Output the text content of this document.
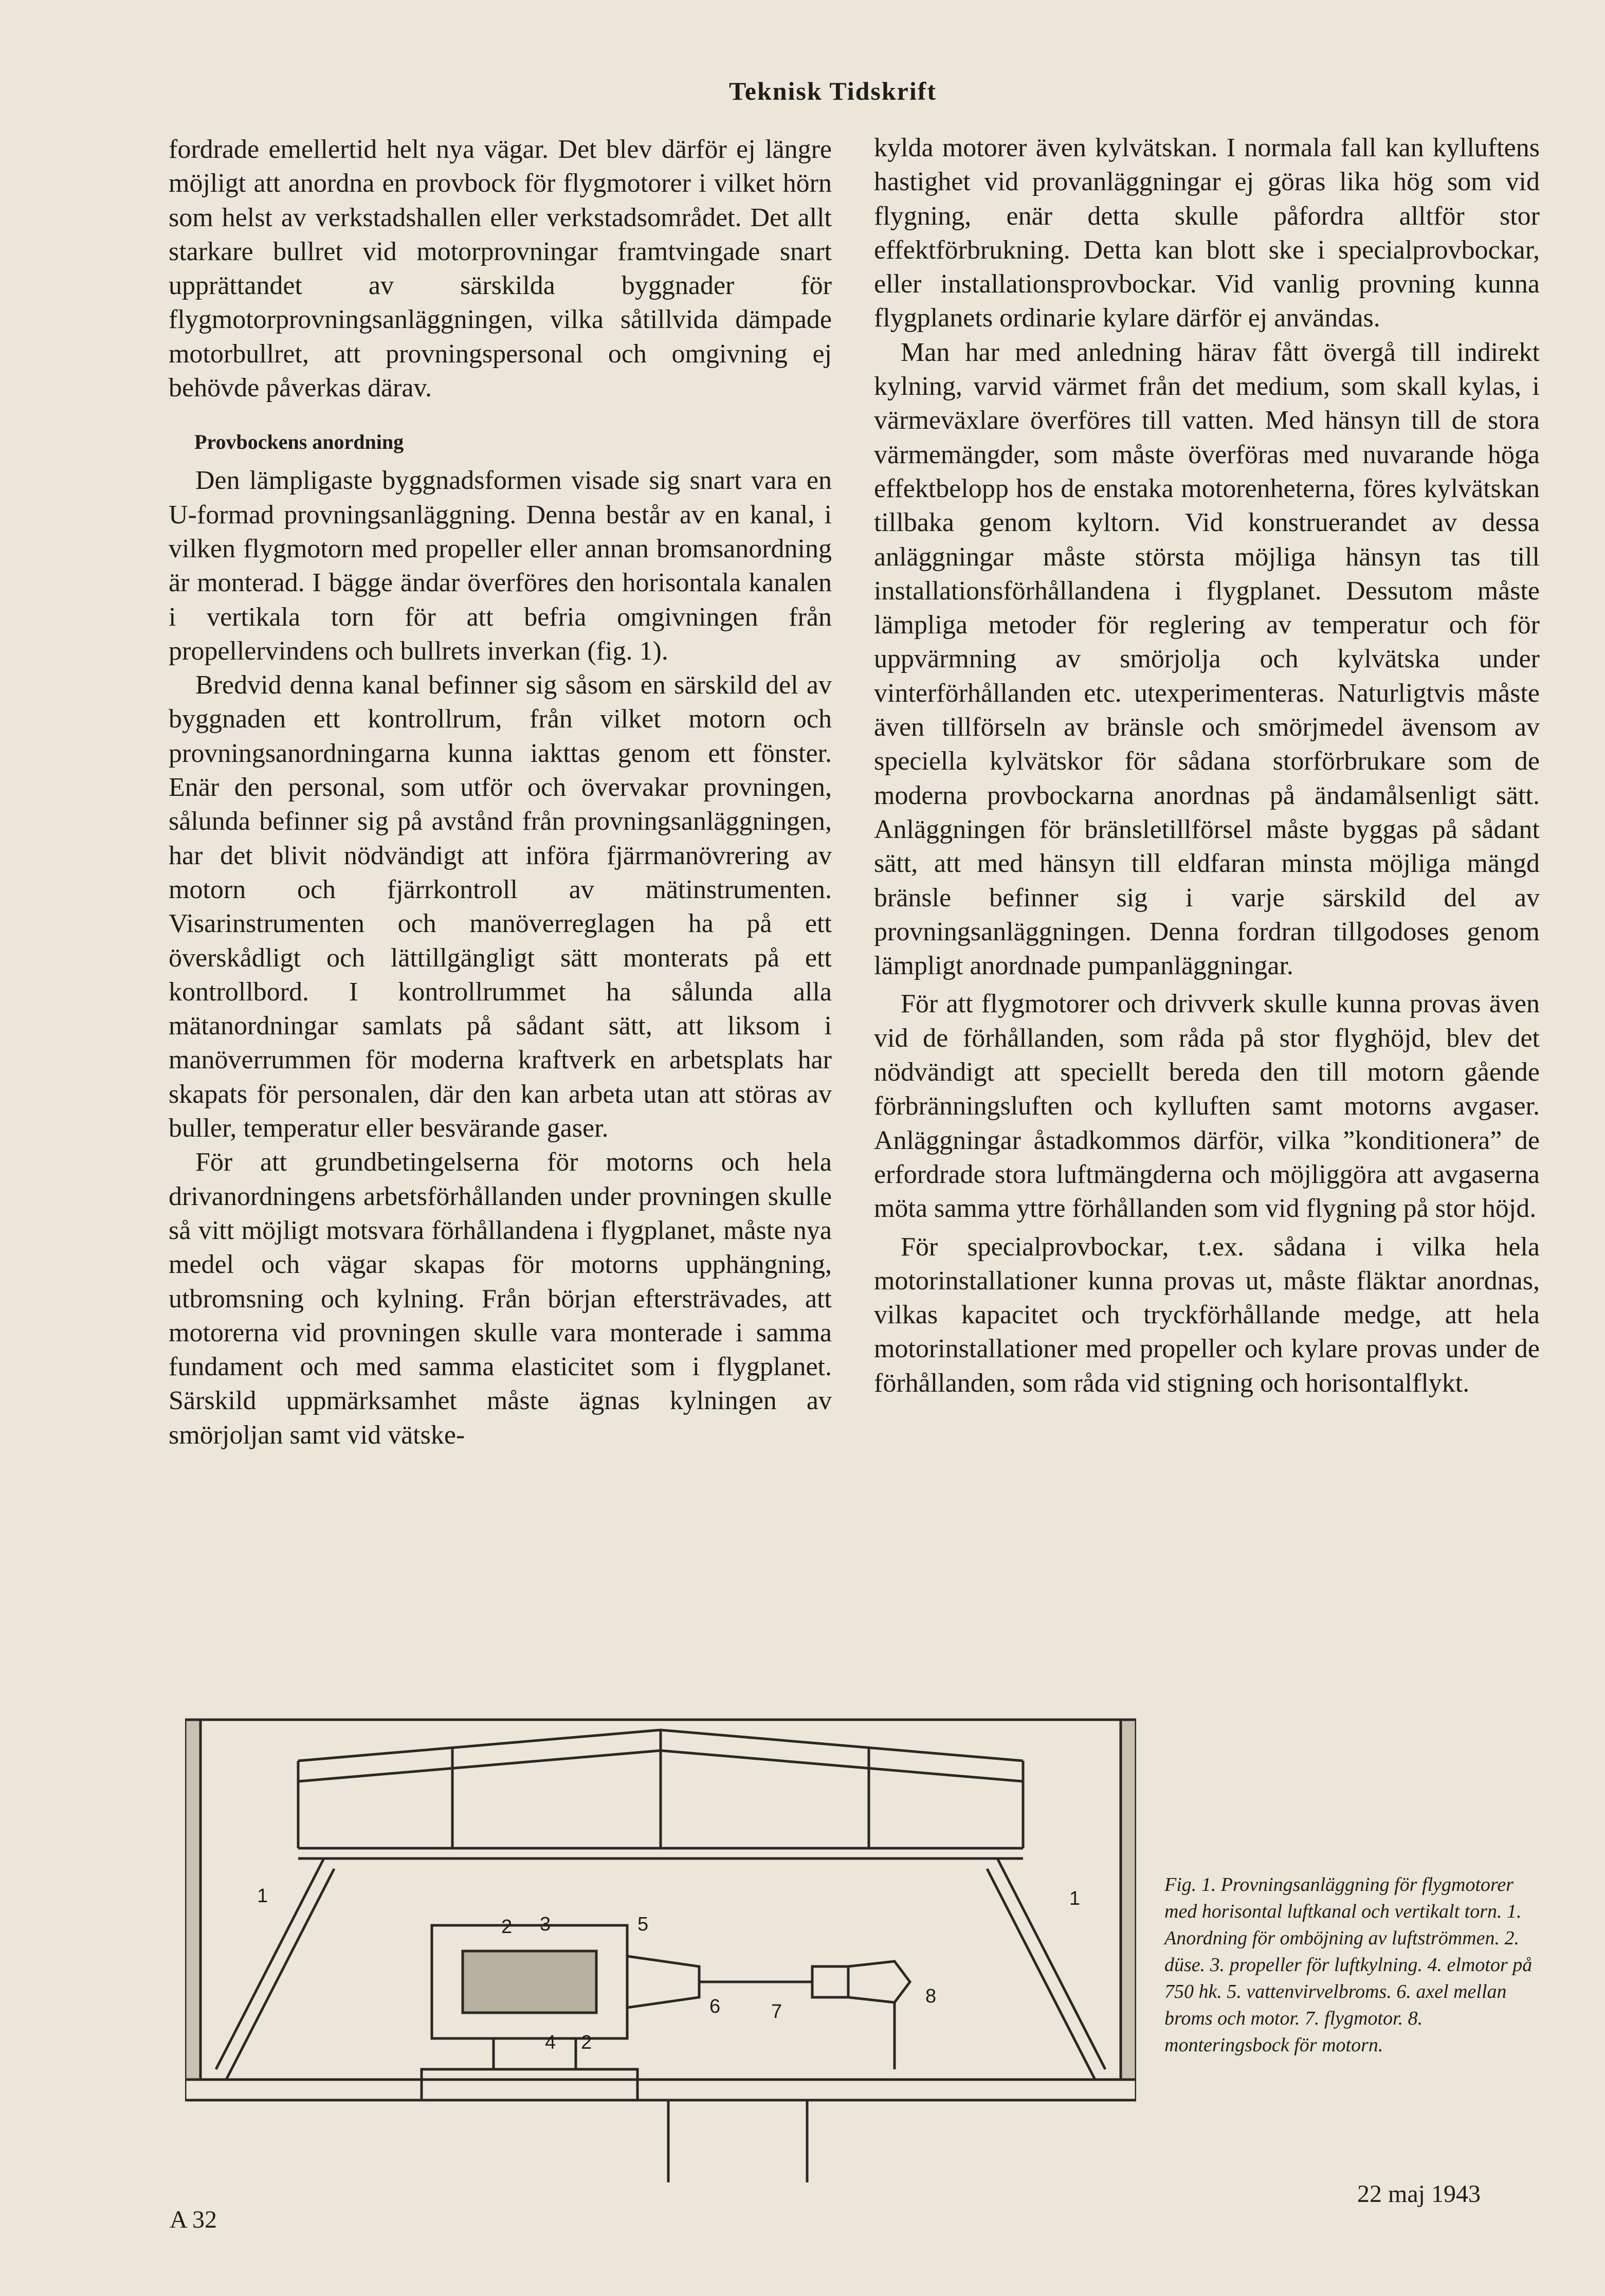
Teknisk Tidskrift

fordrade emellertid helt nya vägar. Det blev därför ej längre möjligt att anordna en provbock för flygmotorer i vilket hörn som helst av verkstadshallen eller verkstadsområdet. Det allt starkare bullret vid motorprovningar framtvingade snart upprättandet av särskilda byggnader för flygmotorprovningsanläggningen, vilka såtillvida dämpade motorbullret, att provningspersonal och omgivning ej behövde påverkas därav.

Provbockens anordning

Den lämpligaste byggnadsformen visade sig snart vara en U-formad provningsanläggning. Denna består av en kanal, i vilken flygmotorn med propeller eller annan bromsanordning är monterad. I bägge ändar överföres den horisontala kanalen i vertikala torn för att befria omgivningen från propellervindens och bullrets inverkan (fig. 1).

Bredvid denna kanal befinner sig såsom en särskild del av byggnaden ett kontrollrum, från vilket motorn och provningsanordningarna kunna iakttas genom ett fönster. Enär den personal, som utför och övervakar provningen, sålunda befinner sig på avstånd från provningsanläggningen, har det blivit nödvändigt att införa fjärrmanövrering av motorn och fjärrkontroll av mätinstrumenten. Visarinstrumenten och manöverreglagen ha på ett överskådligt och lättillgängligt sätt monterats på ett kontrollbord. I kontrollrummet ha sålunda alla mätanordningar samlats på sådant sätt, att liksom i manöverrummen för moderna kraftverk en arbetsplats har skapats för personalen, där den kan arbeta utan att störas av buller, temperatur eller besvärande gaser.

För att grundbetingelserna för motorns och hela drivanordningens arbetsförhållanden under provningen skulle så vitt möjligt motsvara förhållandena i flygplanet, måste nya medel och vägar skapas för motorns upphängning, utbromsning och kylning. Från början eftersträvades, att motorerna vid provningen skulle vara monterade i samma fundament och med samma elasticitet som i flygplanet. Särskild uppmärksamhet måste ägnas kylningen av smörjoljan samt vid vätske-

kylda motorer även kylvätskan. I normala fall kan kylluftens hastighet vid provanläggningar ej göras lika hög som vid flygning, enär detta skulle påfordra alltför stor effektförbrukning. Detta kan blott ske i specialprovbockar, eller installationsprovbockar. Vid vanlig provning kunna flygplanets ordinarie kylare därför ej användas.

Man har med anledning härav fått övergå till indirekt kylning, varvid värmet från det medium, som skall kylas, i värmeväxlare överföres till vatten. Med hänsyn till de stora värmemängder, som måste överföras med nuvarande höga effektbelopp hos de enstaka motorenheterna, föres kylvätskan tillbaka genom kyltorn. Vid konstruerandet av dessa anläggningar måste största möjliga hänsyn tas till installationsförhållandena i flygplanet. Dessutom måste lämpliga metoder för reglering av temperatur och för uppvärmning av smörjolja och kylvätska under vinterförhållanden etc. utexperimenteras. Naturligtvis måste även tillförseln av bränsle och smörjmedel ävensom av speciella kylvätskor för sådana storförbrukare som de moderna provbockarna anordnas på ändamålsenligt sätt. Anläggningen för bränsletillförsel måste byggas på sådant sätt, att med hänsyn till eldfaran minsta möjliga mängd bränsle befinner sig i varje särskild del av provningsanläggningen. Denna fordran tillgodoses genom lämpligt anordnade pumpanläggningar.

För att flygmotorer och drivverk skulle kunna provas även vid de förhållanden, som råda på stor flyghöjd, blev det nödvändigt att speciellt bereda den till motorn gående förbränningsluften och kylluften samt motorns avgaser. Anläggningar åstadkommos därför, vilka ”konditionera” de erfordrade stora luftmängderna och möjliggöra att avgaserna möta samma yttre förhållanden som vid flygning på stor höjd.

För specialprovbockar, t.ex. sådana i vilka hela motorinstallationer kunna provas ut, måste fläktar anordnas, vilkas kapacitet och tryckförhållande medge, att hela motorinstallationer med propeller och kylare provas under de förhållanden, som råda vid stigning och horisontalflykt.

1
2 3
4
5
6	7
8
1
2
Fig. 1. Provningsanläggning för flygmotorer med horisontal luftkanal och vertikalt torn. 1. Anordning för omböjning av luftströmmen. 2. düse. 3. propeller för luftkylning. 4. elmotor på 750 hk. 5. vattenvirvelbroms. 6. axel mellan broms och motor. 7. flygmotor. 8. monteringsbock för motorn.
A 32
22 maj 1943
